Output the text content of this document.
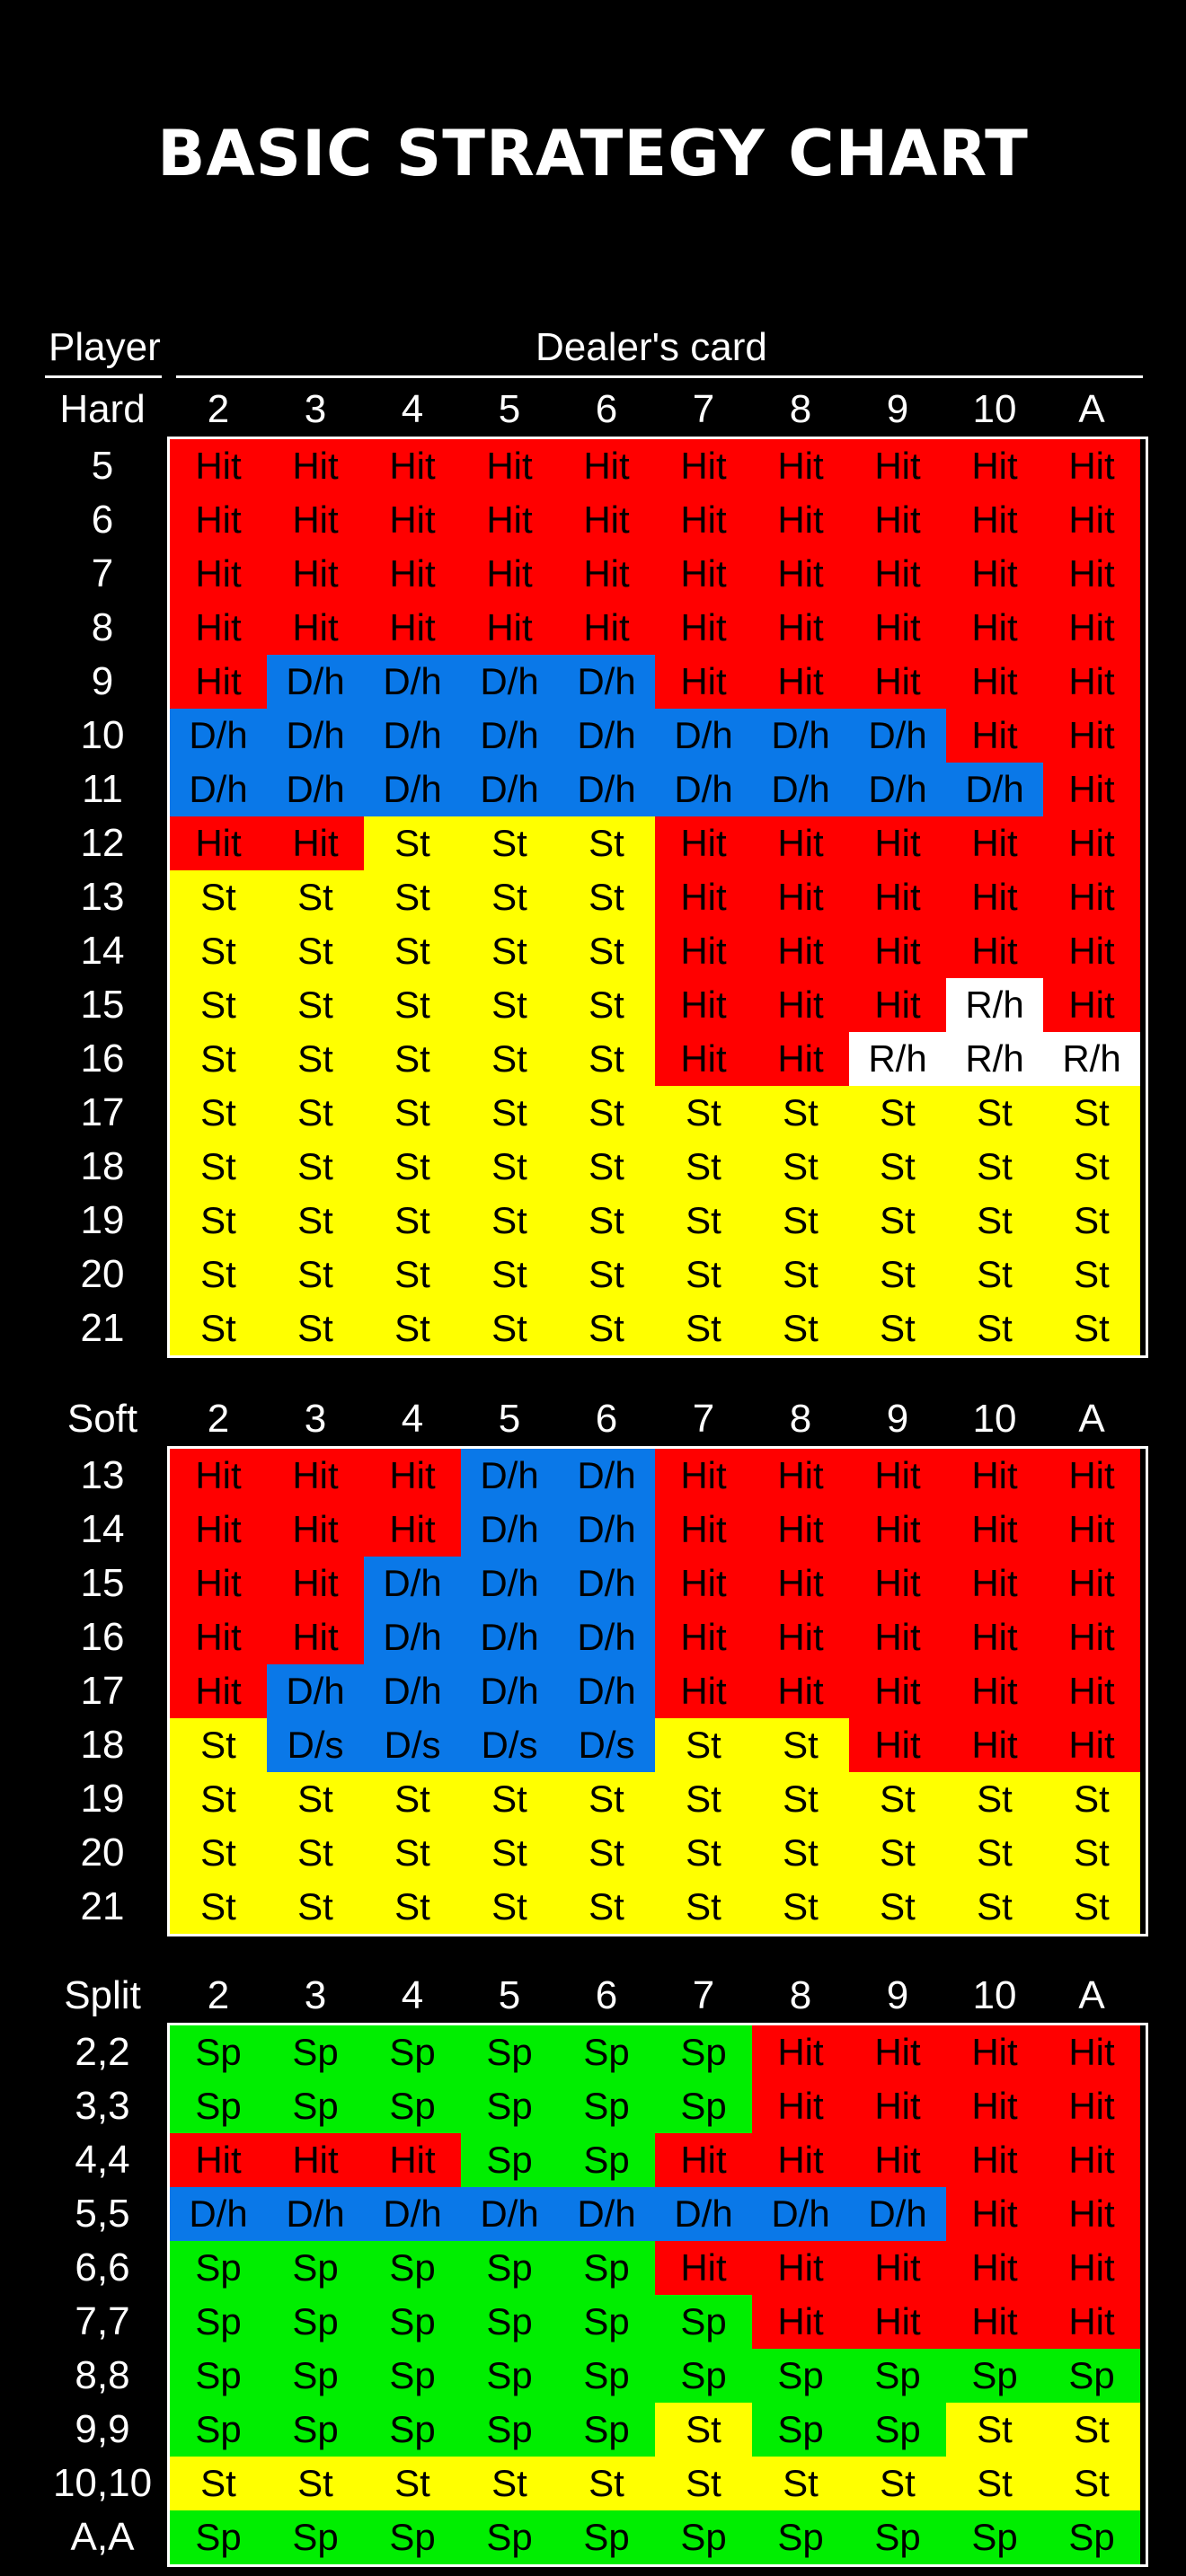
BASIC STRATEGY CHART
Player	Dealer's card
Hard	2	3	4	5	6	7	8	9	10	A
5	Hit	Hit	Hit	Hit	Hit	Hit	Hit	Hit	Hit	Hit
6	Hit	Hit	Hit	Hit	Hit	Hit	Hit	Hit	Hit	Hit
7	Hit	Hit	Hit	Hit	Hit	Hit	Hit	Hit	Hit	Hit
8	Hit	Hit	Hit	Hit	Hit	Hit	Hit	Hit	Hit	Hit
9	Hit	D/h	D/h	D/h	D/h	Hit	Hit	Hit	Hit	Hit
10	D/h	D/h	D/h	D/h	D/h	D/h	D/h	D/h	Hit	Hit
11	D/h	D/h	D/h	D/h	D/h	D/h	D/h	D/h	D/h	Hit
12	Hit	Hit	St	St	St	Hit	Hit	Hit	Hit	Hit
13	St	St	St	St	St	Hit	Hit	Hit	Hit	Hit
14	St	St	St	St	St	Hit	Hit	Hit	Hit	Hit
15	St	St	St	St	St	Hit	Hit	Hit	R/h	Hit
16	St	St	St	St	St	Hit	Hit	R/h	R/h	R/h
17	St	St	St	St	St	St	St	St	St	St
18	St	St	St	St	St	St	St	St	St	St
19	St	St	St	St	St	St	St	St	St	St
20	St	St	St	St	St	St	St	St	St	St
21	St	St	St	St	St	St	St	St	St	St
Soft	2	3	4	5	6	7	8	9	10	A
13	Hit	Hit	Hit	D/h	D/h	Hit	Hit	Hit	Hit	Hit
14	Hit	Hit	Hit	D/h	D/h	Hit	Hit	Hit	Hit	Hit
15	Hit	Hit	D/h	D/h	D/h	Hit	Hit	Hit	Hit	Hit
16	Hit	Hit	D/h	D/h	D/h	Hit	Hit	Hit	Hit	Hit
17	Hit	D/h	D/h	D/h	D/h	Hit	Hit	Hit	Hit	Hit
18	St	D/s	D/s	D/s	D/s	St	St	Hit	Hit	Hit
19	St	St	St	St	St	St	St	St	St	St
20	St	St	St	St	St	St	St	St	St	St
21	St	St	St	St	St	St	St	St	St	St
Split	2	3	4	5	6	7	8	9	10	A
2,2	Sp	Sp	Sp	Sp	Sp	Sp	Hit	Hit	Hit	Hit
3,3	Sp	Sp	Sp	Sp	Sp	Sp	Hit	Hit	Hit	Hit
4,4	Hit	Hit	Hit	Sp	Sp	Hit	Hit	Hit	Hit	Hit
5,5	D/h	D/h	D/h	D/h	D/h	D/h	D/h	D/h	Hit	Hit
6,6	Sp	Sp	Sp	Sp	Sp	Hit	Hit	Hit	Hit	Hit
7,7	Sp	Sp	Sp	Sp	Sp	Sp	Hit	Hit	Hit	Hit
8,8	Sp	Sp	Sp	Sp	Sp	Sp	Sp	Sp	Sp	Sp
9,9	Sp	Sp	Sp	Sp	Sp	St	Sp	Sp	St	St
10,10	St	St	St	St	St	St	St	St	St	St
A,A	Sp	Sp	Sp	Sp	Sp	Sp	Sp	Sp	Sp	Sp
